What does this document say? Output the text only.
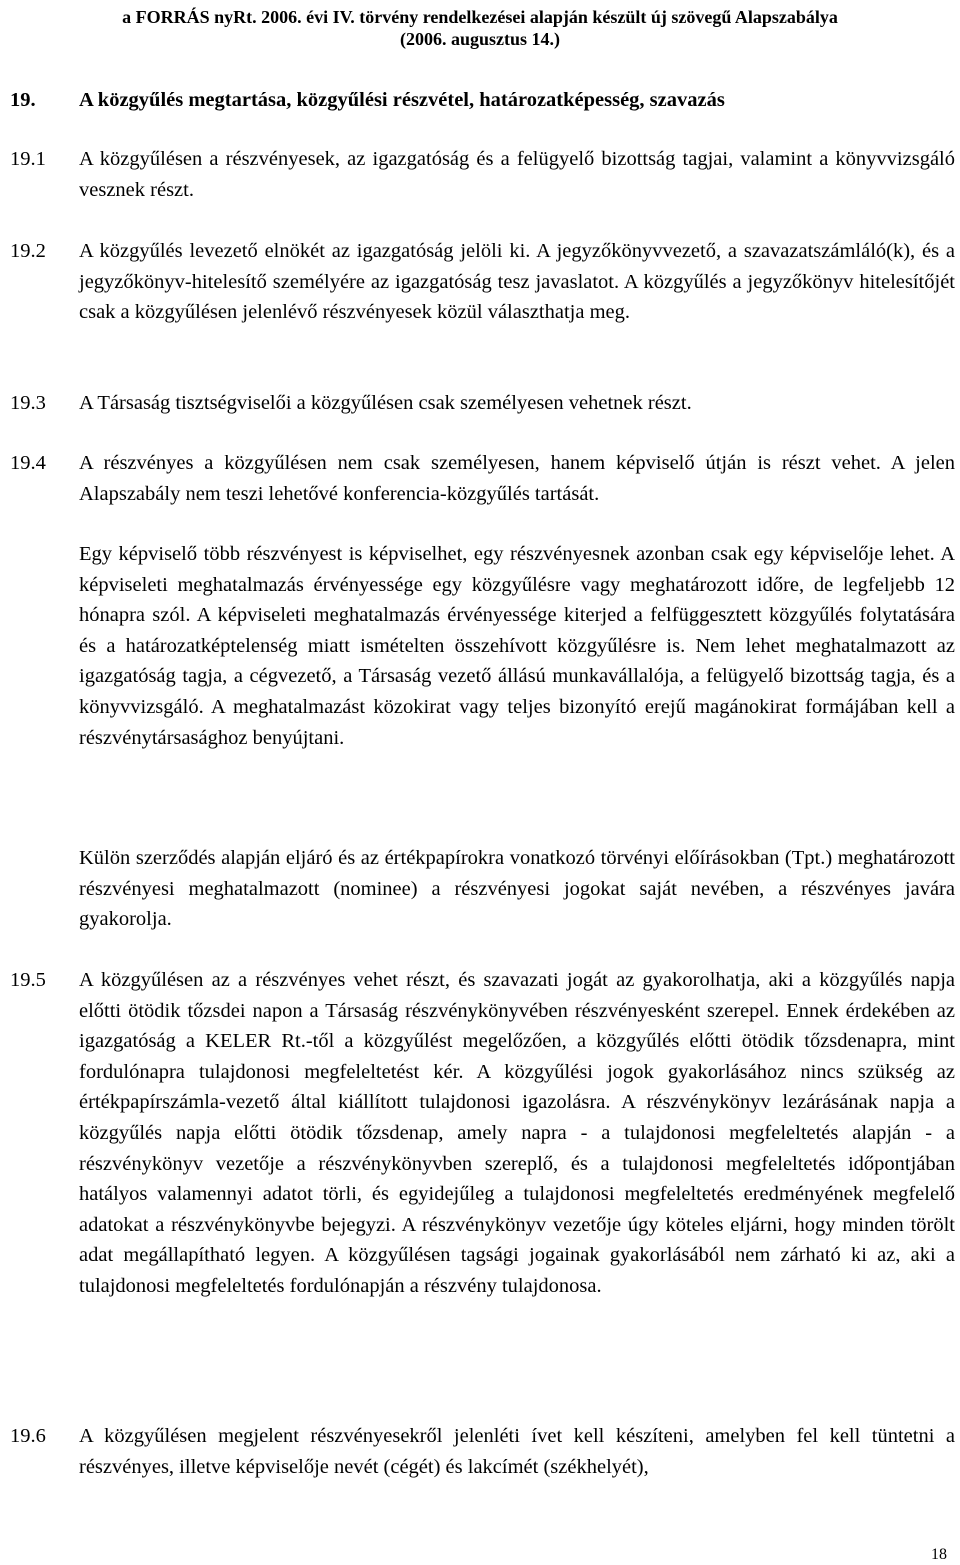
a FORRÁS nyRt. 2006. évi IV. törvény rendelkezései alapján készült új szövegű Alapszabálya
(2006. augusztus 14.)
19. A közgyűlés megtartása, közgyűlési részvétel, határozatképesség, szavazás
19.1 A közgyűlésen a részvényesek, az igazgatóság és a felügyelő bizottság tagjai, valamint a könyvvizsgáló vesznek részt.
19.2 A közgyűlés levezető elnökét az igazgatóság jelöli ki. A jegyzőkönyvvezető, a szavazatszámláló(k), és a jegyzőkönyv-hitelesítő személyére az igazgatóság tesz javaslatot. A közgyűlés a jegyzőkönyv hitelesítőjét csak a közgyűlésen jelenlévő részvényesek közül választhatja meg.
19.3 A Társaság tisztségviselői a közgyűlésen csak személyesen vehetnek részt.
19.4 A részvényes a közgyűlésen nem csak személyesen, hanem képviselő útján is részt vehet. A jelen Alapszabály nem teszi lehetővé konferencia-közgyűlés tartását.
Egy képviselő több részvényest is képviselhet, egy részvényesnek azonban csak egy képviselője lehet. A képviseleti meghatalmazás érvényessége egy közgyűlésre vagy meghatározott időre, de legfeljebb 12 hónapra szól. A képviseleti meghatalmazás érvényessége kiterjed a felfüggesztett közgyűlés folytatására és a határozatképtelenség miatt ismételten összehívott közgyűlésre is. Nem lehet meghatalmazott az igazgatóság tagja, a cégvezető, a Társaság vezető állású munkavállalója, a felügyelő bizottság tagja, és a könyvvizsgáló. A meghatalmazást közokirat vagy teljes bizonyító erejű magánokirat formájában kell a részvénytársasághoz benyújtani.
Külön szerződés alapján eljáró és az értékpapírokra vonatkozó törvényi előírásokban (Tpt.) meghatározott részvényesi meghatalmazott (nominee) a részvényesi jogokat saját nevében, a részvényes javára gyakorolja.
19.5 A közgyűlésen az a részvényes vehet részt, és szavazati jogát az gyakorolhatja, aki a közgyűlés napja előtti ötödik tőzsdei napon a Társaság részvénykönyvében részvényesként szerepel. Ennek érdekében az igazgatóság a KELER Rt.-től a közgyűlést megelőzően, a közgyűlés előtti ötödik tőzsdenapra, mint fordulónapra tulajdonosi megfeleltetést kér. A közgyűlési jogok gyakorlásához nincs szükség az értékpapírszámla-vezető által kiállított tulajdonosi igazolásra. A részvénykönyv lezárásának napja a közgyűlés napja előtti ötödik tőzsdenap, amely napra - a tulajdonosi megfeleltetés alapján - a részvénykönyv vezetője a részvénykönyvben szereplő, és a tulajdonosi megfeleltetés időpontjában hatályos valamennyi adatot törli, és egyidejűleg a tulajdonosi megfeleltetés eredményének megfelelő adatokat a részvénykönyvbe bejegyzi. A részvénykönyv vezetője úgy köteles eljárni, hogy minden törölt adat megállapítható legyen. A közgyűlésen tagsági jogainak gyakorlásából nem zárható ki az, aki a tulajdonosi megfeleltetés fordulónapján a részvény tulajdonosa.
19.6 A közgyűlésen megjelent részvényesekről jelenléti ívet kell készíteni, amelyben fel kell tüntetni a részvényes, illetve képviselője nevét (cégét) és lakcímét (székhelyét),
18
